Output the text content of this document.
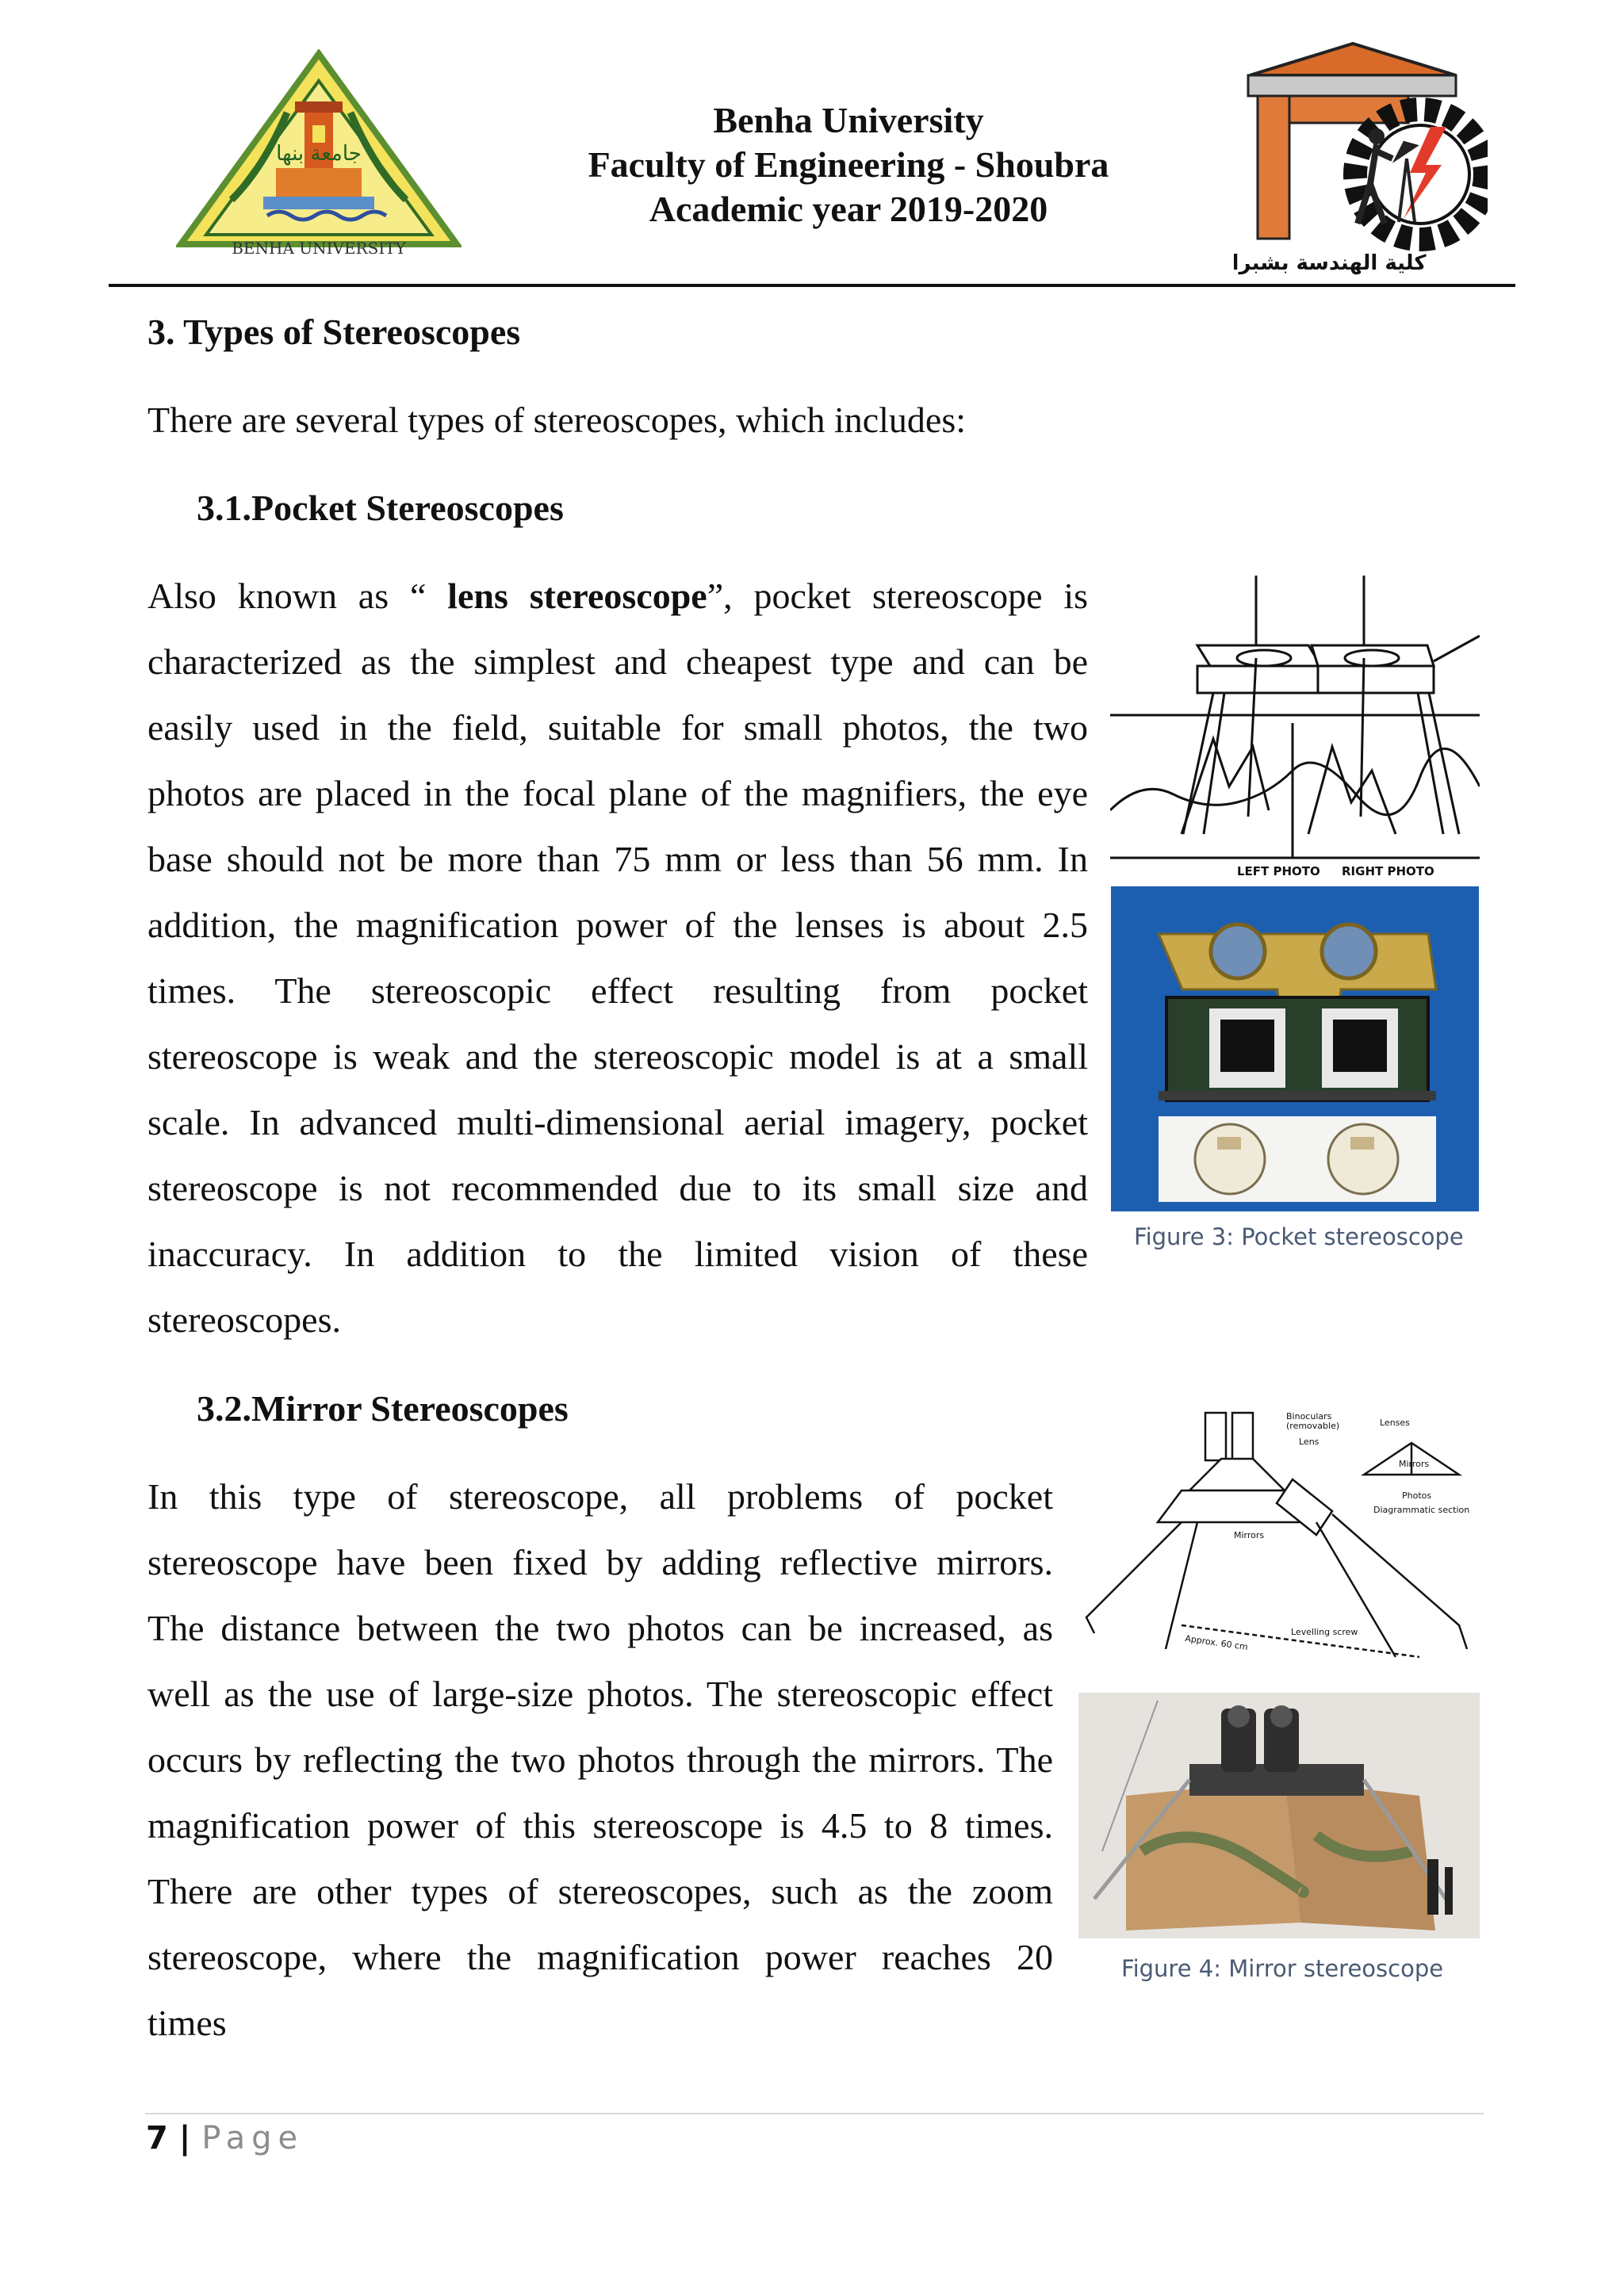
جامعة بنها
BENHA UNIVERSITY
Benha University
Faculty of Engineering - Shoubra
Academic year 2019-2020
كلية الهندسة بشبرا
3. Types of Stereoscopes
There are several types of stereoscopes, which includes:
3.1.Pocket Stereoscopes
Also known as “ lens stereoscope”, pocket stereoscope is
characterized as the simplest and cheapest type and can be
easily used in the field, suitable for small photos, the two
photos are placed in the focal plane of the magnifiers, the eye
base should not be more than 75 mm or less than 56 mm. In
addition, the magnification power of the lenses is about 2.5
times. The stereoscopic effect resulting from pocket
stereoscope is weak and the stereoscopic model is at a small
scale. In advanced multi-dimensional aerial imagery, pocket
stereoscope is not recommended due to its small size and
inaccuracy. In addition to the limited vision of these
stereoscopes.
LEFT PHOTO RIGHT PHOTO
Figure 3: Pocket stereoscope
3.2.Mirror Stereoscopes
In this type of stereoscope, all problems of pocket
stereoscope have been fixed by adding reflective mirrors.
The distance between the two photos can be increased, as
well as the use of large-size photos. The stereoscopic effect
occurs by reflecting the two photos through the mirrors. The
magnification power of this stereoscope is 4.5 to 8 times.
There are other types of stereoscopes, such as the zoom
stereoscope, where the magnification power reaches 20
times
Binoculars
(removable)
Lens
Lenses
Mirrors
Photos
Diagrammatic section
Mirrors
Levelling screw
Approx. 60 cm
Figure 4: Mirror stereoscope
7 | Page
